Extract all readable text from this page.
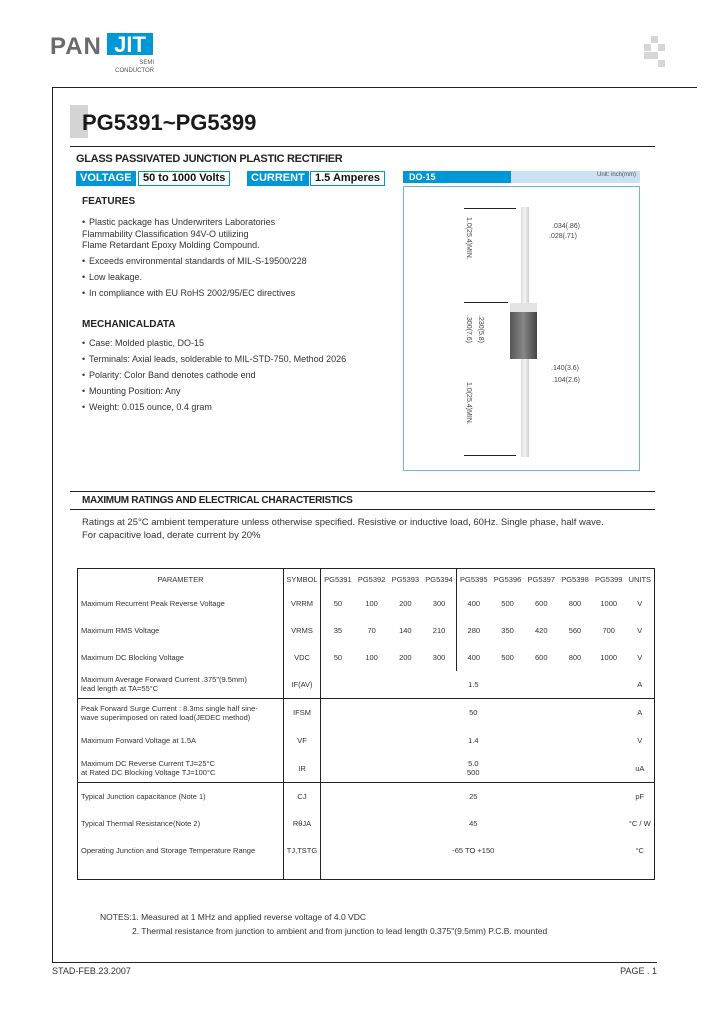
PAN JIT
SEMI
CONDUCTOR
PG5391~PG5399
GLASS PASSIVATED JUNCTION PLASTIC RECTIFIER
VOLTAGE	50 to 1000 Volts	CURRENT 1.5 Amperes	DO-15	Unit: inch(mm)
.034(.86)
.028(.71)
.140(3.6)
.104(2.6)
1.0(25.4)MIN.
.300(7.6) .230(5.8)
1.0(25.4)MIN.
FEATURES
• Plastic package has Underwriters Laboratories
Flammability Classification 94V-O utilizing
Flame Retardant Epoxy Molding Compound.
• Exceeds environmental standards of MIL-S-19500/228
• Low leakage.
• In compliance with EU RoHS 2002/95/EC directives
MECHANICALDATA
• Case: Molded plastic, DO-15
• Terminals: Axial leads, solderable to MIL-STD-750, Method 2026
• Polarity: Color Band denotes cathode end
• Mounting Position: Any
• Weight: 0.015 ounce, 0.4 gram
MAXIMUM RATINGS AND ELECTRICAL CHARACTERISTICS
Ratings at 25°C ambient temperature unless otherwise specified. Resistive or inductive load, 60Hz. Single phase, half wave.
For capacitive load, derate current by 20%
PARAMETER	SYMBOL	PG5391	PG5392	PG5393	PG5394	PG5395	PG5396	PG5397	PG5398	PG5399	UNITS
Maximum Recurrent Peak Reverse Voltage	VRRM	50	100	200	300	400	500	600	800	1000	V
Maximum RMS Voltage	VRMS	35	70	140	210	280	350	420	560	700	V
Maximum DC Blocking Voltage	VDC	50	100	200	300	400	500	600	800	1000	V
Maximum Average Forward Current .375"(9.5mm)
lead length at TA=55°C	IF(AV)	1.5									A
Peak Forward Surge Current : 8.3ms single half sine-
wave superimposed on rated load(JEDEC method)	IFSM	50									A
Maximum Forward Voltage at 1.5A	VF	1.4									V
Maximum DC Reverse Current TJ=25°C
at Rated DC Blocking Voltage TJ=100°C	IR	5.0
500									uA
Typical Junction capacitance (Note 1)	CJ	25									pF
Typical Thermal Resistance(Note 2)	RθJA	45									°C / W
Operating Junction and Storage Temperature Range	TJ,TSTG	-65 TO +150									°C

NOTES:1. Measured at 1 MHz and applied reverse voltage of 4.0 VDC
2. Thermal resistance from junction to ambient and from junction to lead length 0.375"(9.5mm) P.C.B. mounted
STAD-FEB.23.2007	PAGE . 1
